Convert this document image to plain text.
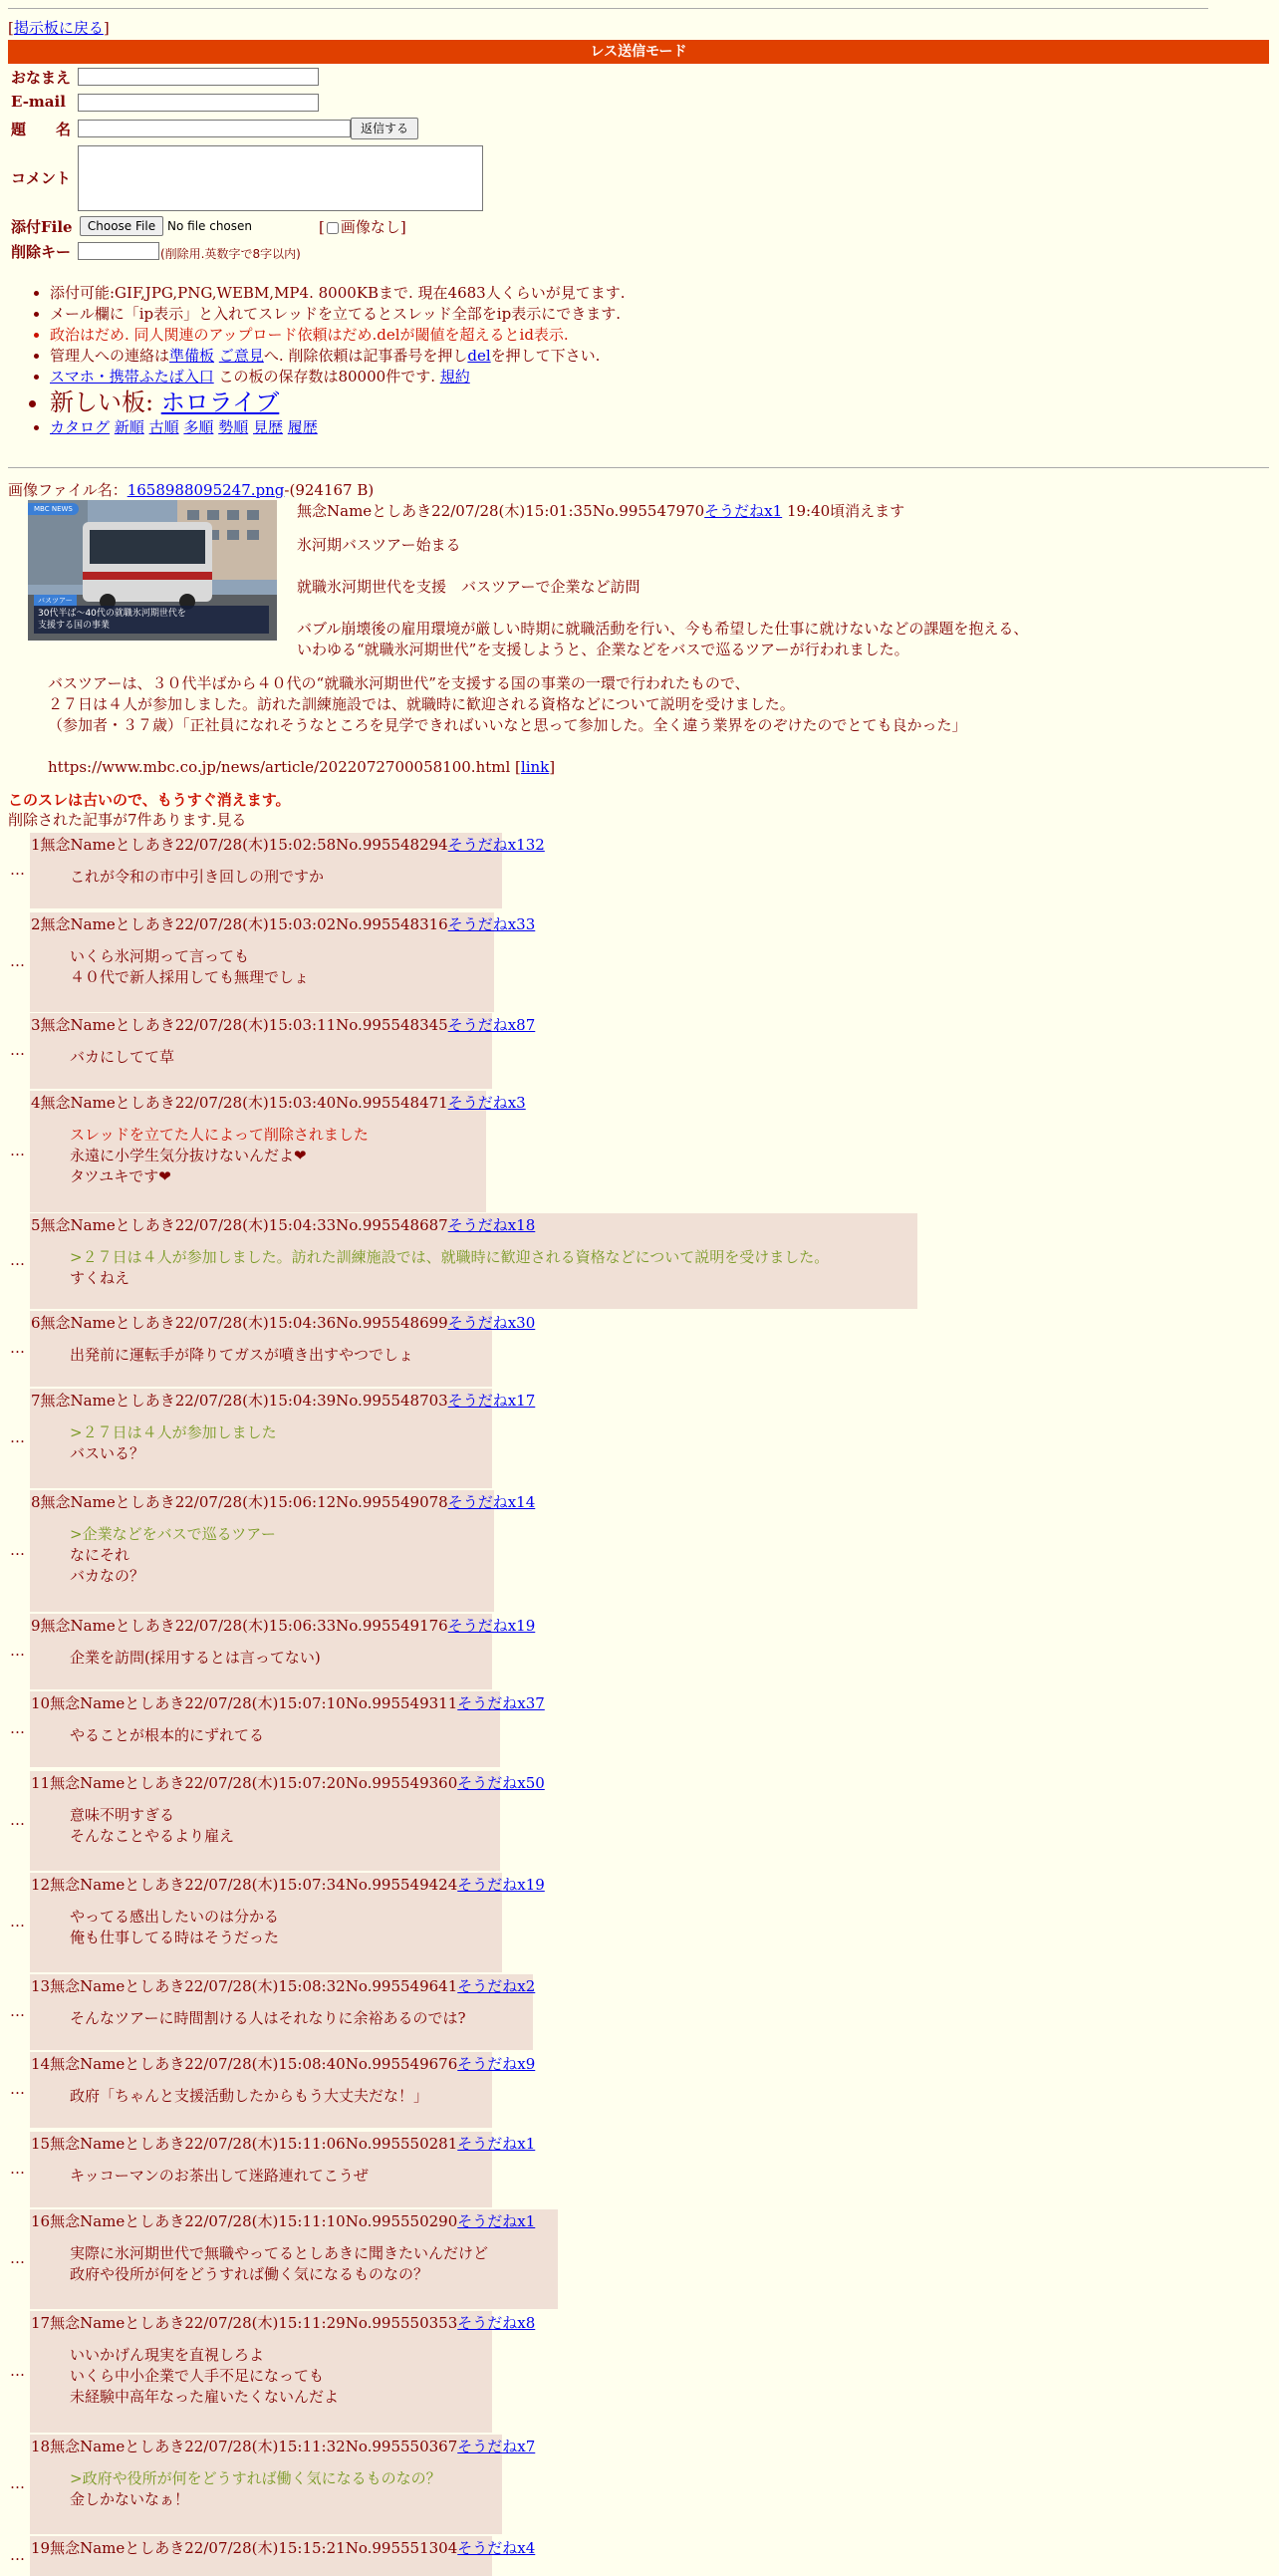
[掲示板に戻る]
レス送信モード
おなまえ
E-mail
題　　名	返信する
コメント
添付File	Choose File No file chosen	[ 画像なし]
削除キー	(削除用.英数字で8字以内)
• 添付可能:GIF,JPG,PNG,WEBM,MP4. 8000KBまで. 現在4683人くらいが見てます.
• メール欄に「ip表示」と入れてスレッドを立てるとスレッド全部をip表示にできます.
• 政治はだめ. 同人関連のアップロード依頼はだめ.delが閾値を超えるとid表示.
• 管理人への連絡は準備板 ご意見へ. 削除依頼は記事番号を押しdelを押して下さい.
• スマホ・携帯ふたば入口 この板の保存数は80000件です. 規約
• 新しい板: ホロライブ
• カタログ 新順 古順 多順 勢順 見歴 履歴
画像ファイル名：1658988095247.png-(924167 B)
MBC NEWS
バスツアー
30代半ば～40代の就職氷河期世代を
支援する国の事業
無念Nameとしあき22/07/28(木)15:01:35No.995547970そうだねx1 19:40頃消えます
氷河期バスツアー始まる

就職氷河期世代を支援　バスツアーで企業など訪問

バブル崩壊後の雇用環境が厳しい時期に就職活動を行い、今も希望した仕事に就けないなどの課題を抱える、
いわゆる“就職氷河期世代”を支援しようと、企業などをバスで巡るツアーが行われました。
バスツアーは、３０代半ばから４０代の“就職氷河期世代”を支援する国の事業の一環で行われたもので、
２７日は４人が参加しました。訪れた訓練施設では、就職時に歓迎される資格などについて説明を受けました。
（参加者・３７歳）「正社員になれそうなところを見学できればいいなと思って参加した。全く違う業界をのぞけたのでとても良かった」

https://www.mbc.co.jp/news/article/2022072700058100.html [link]
このスレは古いので、もうすぐ消えます。
削除された記事が7件あります.見る
1無念Nameとしあき22/07/28(木)15:02:58No.995548294そうだねx132
これが令和の市中引き回しの刑ですか
…
2無念Nameとしあき22/07/28(木)15:03:02No.995548316そうだねx33
いくら氷河期って言っても
４０代で新人採用しても無理でしょ
…
3無念Nameとしあき22/07/28(木)15:03:11No.995548345そうだねx87
バカにしてて草
…
4無念Nameとしあき22/07/28(木)15:03:40No.995548471そうだねx3
スレッドを立てた人によって削除されました
永遠に小学生気分抜けないんだよ❤
タツユキです❤
…
5無念Nameとしあき22/07/28(木)15:04:33No.995548687そうだねx18
>２７日は４人が参加しました。訪れた訓練施設では、就職時に歓迎される資格などについて説明を受けました。
すくねえ
…
6無念Nameとしあき22/07/28(木)15:04:36No.995548699そうだねx30
出発前に運転手が降りてガスが噴き出すやつでしょ
…
7無念Nameとしあき22/07/28(木)15:04:39No.995548703そうだねx17
>２７日は４人が参加しました
バスいる？
…
8無念Nameとしあき22/07/28(木)15:06:12No.995549078そうだねx14
>企業などをバスで巡るツアー
なにそれ
バカなの？
…
9無念Nameとしあき22/07/28(木)15:06:33No.995549176そうだねx19
企業を訪問(採用するとは言ってない)
…
10無念Nameとしあき22/07/28(木)15:07:10No.995549311そうだねx37
やることが根本的にずれてる
…
11無念Nameとしあき22/07/28(木)15:07:20No.995549360そうだねx50
意味不明すぎる
そんなことやるより雇え
…
12無念Nameとしあき22/07/28(木)15:07:34No.995549424そうだねx19
やってる感出したいのは分かる
俺も仕事してる時はそうだった
…
13無念Nameとしあき22/07/28(木)15:08:32No.995549641そうだねx2
そんなツアーに時間割ける人はそれなりに余裕あるのでは?
…
14無念Nameとしあき22/07/28(木)15:08:40No.995549676そうだねx9
政府「ちゃんと支援活動したからもう大丈夫だな！」
…
15無念Nameとしあき22/07/28(木)15:11:06No.995550281そうだねx1
キッコーマンのお茶出して迷路連れてこうぜ
…
16無念Nameとしあき22/07/28(木)15:11:10No.995550290そうだねx1
実際に氷河期世代で無職やってるとしあきに聞きたいんだけど
政府や役所が何をどうすれば働く気になるものなの？
…
17無念Nameとしあき22/07/28(木)15:11:29No.995550353そうだねx8
いいかげん現実を直視しろよ
いくら中小企業で人手不足になっても
未経験中高年なった雇いたくないんだよ
…
18無念Nameとしあき22/07/28(木)15:11:32No.995550367そうだねx7
>政府や役所が何をどうすれば働く気になるものなの？
金しかないなぁ！
…
19無念Nameとしあき22/07/28(木)15:15:21No.995551304そうだねx4
…
